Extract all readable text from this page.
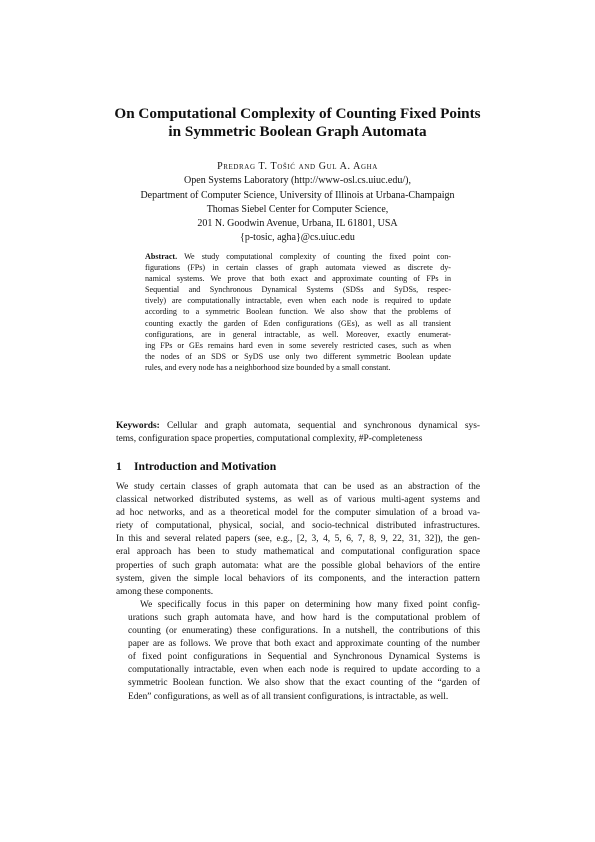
On Computational Complexity of Counting Fixed Points
in Symmetric Boolean Graph Automata
Predrag T. Tošić and Gul A. Agha
Open Systems Laboratory (http://www-osl.cs.uiuc.edu/),
Department of Computer Science, University of Illinois at Urbana-Champaign
Thomas Siebel Center for Computer Science,
201 N. Goodwin Avenue, Urbana, IL 61801, USA
{p-tosic, agha}@cs.uiuc.edu
Abstract. We study computational complexity of counting the fixed point con-
figurations (FPs) in certain classes of graph automata viewed as discrete dy-
namical systems. We prove that both exact and approximate counting of FPs in
Sequential and Synchronous Dynamical Systems (SDSs and SyDSs, respec-
tively) are computationally intractable, even when each node is required to update
according to a symmetric Boolean function. We also show that the problems of
counting exactly the garden of Eden configurations (GEs), as well as all transient
configurations, are in general intractable, as well. Moreover, exactly enumerat-
ing FPs or GEs remains hard even in some severely restricted cases, such as when
the nodes of an SDS or SyDS use only two different symmetric Boolean update
rules, and every node has a neighborhood size bounded by a small constant.
Keywords: Cellular and graph automata, sequential and synchronous dynamical sys-
tems, configuration space properties, computational complexity, #P-completeness
1 Introduction and Motivation

We study certain classes of graph automata that can be used as an abstraction of the
classical networked distributed systems, as well as of various multi-agent systems and
ad hoc networks, and as a theoretical model for the computer simulation of a broad va-
riety of computational, physical, social, and socio-technical distributed infrastructures.
In this and several related papers (see, e.g., [2, 3, 4, 5, 6, 7, 8, 9, 22, 31, 32]), the gen-
eral approach has been to study mathematical and computational configuration space
properties of such graph automata: what are the possible global behaviors of the entire
system, given the simple local behaviors of its components, and the interaction pattern
among these components.

We specifically focus in this paper on determining how many fixed point config-
urations such graph automata have, and how hard is the computational problem of
counting (or enumerating) these configurations. In a nutshell, the contributions of this
paper are as follows. We prove that both exact and approximate counting of the number
of fixed point configurations in Sequential and Synchronous Dynamical Systems is
computationally intractable, even when each node is required to update according to a
symmetric Boolean function. We also show that the exact counting of the “garden of
Eden” configurations, as well as of all transient configurations, is intractable, as well.
